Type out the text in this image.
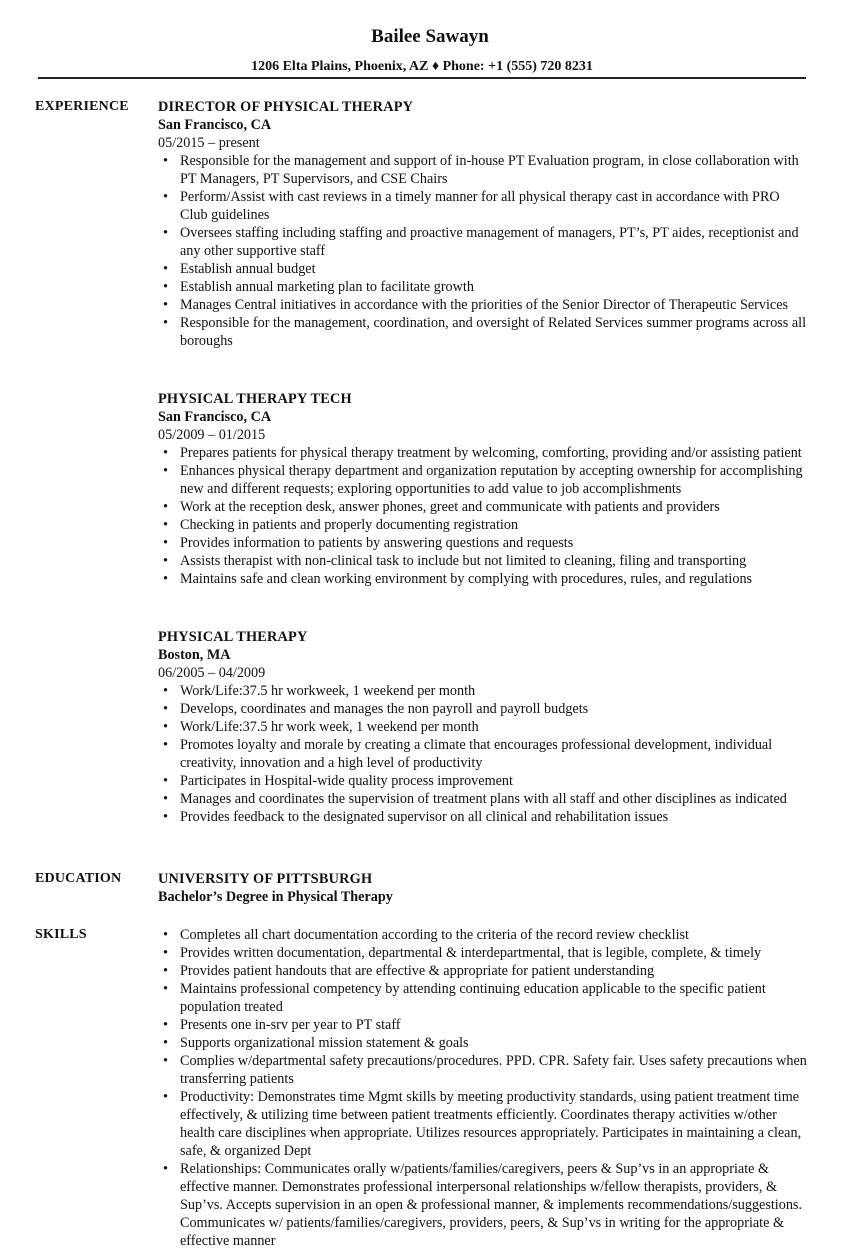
Bailee Sawayn
1206 Elta Plains, Phoenix, AZ ♦ Phone: +1 (555) 720 8231
EXPERIENCE DIRECTOR OF PHYSICAL THERAPY
San Francisco, CA
05/2015 – present
• Responsible for the management and support of in-house PT Evaluation program, in close collaboration with PT Managers, PT Supervisors, and CSE Chairs
• Perform/Assist with cast reviews in a timely manner for all physical therapy cast in accordance with PRO Club guidelines
• Oversees staffing including staffing and proactive management of managers, PT’s, PT aides, receptionist and any other supportive staff
• Establish annual budget
• Establish annual marketing plan to facilitate growth
• Manages Central initiatives in accordance with the priorities of the Senior Director of Therapeutic Services
• Responsible for the management, coordination, and oversight of Related Services summer programs across all boroughs
PHYSICAL THERAPY TECH
San Francisco, CA
05/2009 – 01/2015
• Prepares patients for physical therapy treatment by welcoming, comforting, providing and/or assisting patient
• Enhances physical therapy department and organization reputation by accepting ownership for accomplishing new and different requests; exploring opportunities to add value to job accomplishments
• Work at the reception desk, answer phones, greet and communicate with patients and providers
• Checking in patients and properly documenting registration
• Provides information to patients by answering questions and requests
• Assists therapist with non-clinical task to include but not limited to cleaning, filing and transporting
• Maintains safe and clean working environment by complying with procedures, rules, and regulations
PHYSICAL THERAPY
Boston, MA
06/2005 – 04/2009
• Work/Life:37.5 hr workweek, 1 weekend per month
• Develops, coordinates and manages the non payroll and payroll budgets
• Work/Life:37.5 hr work week, 1 weekend per month
• Promotes loyalty and morale by creating a climate that encourages professional development, individual creativity, innovation and a high level of productivity
• Participates in Hospital-wide quality process improvement
• Manages and coordinates the supervision of treatment plans with all staff and other disciplines as indicated
• Provides feedback to the designated supervisor on all clinical and rehabilitation issues
EDUCATION	UNIVERSITY OF PITTSBURGH
Bachelor’s Degree in Physical Therapy
SKILLS
•	Completes all chart documentation according to the criteria of the record review checklist
• Provides written documentation, departmental & interdepartmental, that is legible, complete, & timely
• Provides patient handouts that are effective & appropriate for patient understanding
• Maintains professional competency by attending continuing education applicable to the specific patient population treated
• Presents one in-srv per year to PT staff
• Supports organizational mission statement & goals
• Complies w/departmental safety precautions/procedures. PPD. CPR. Safety fair. Uses safety precautions when transferring patients
• Productivity: Demonstrates time Mgmt skills by meeting productivity standards, using patient treatment time effectively, & utilizing time between patient treatments efficiently. Coordinates therapy activities w/other health care disciplines when appropriate. Utilizes resources appropriately. Participates in maintaining a clean, safe, & organized Dept
• Relationships: Communicates orally w/patients/families/caregivers, peers & Sup’vs in an appropriate & effective manner. Demonstrates professional interpersonal relationships w/fellow therapists, providers, & Sup’vs. Accepts supervision in an open & professional manner, & implements recommendations/suggestions. Communicates w/ patients/families/caregivers, providers, peers, & Sup’vs in writing for the appropriate & effective manner
